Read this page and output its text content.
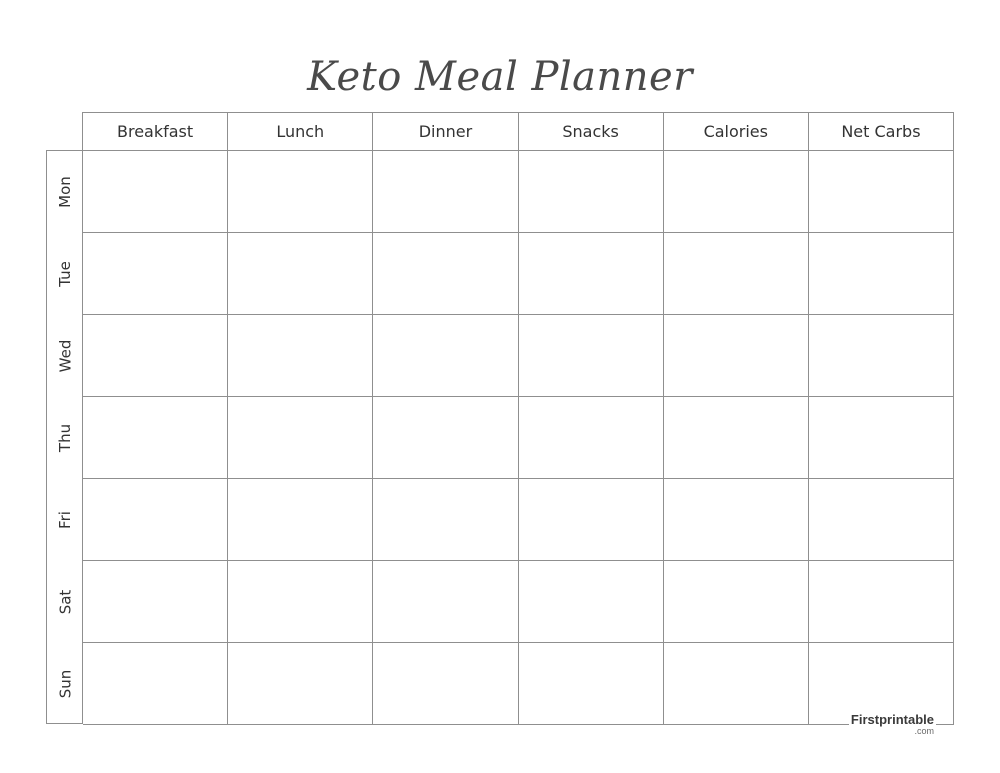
Keto Meal Planner
Breakfast	Lunch	Dinner	Snacks	Calories	Net Carbs
Mon
Tue
Wed
Thu
Fri
Sat
Sun
Firstprintable
.com
